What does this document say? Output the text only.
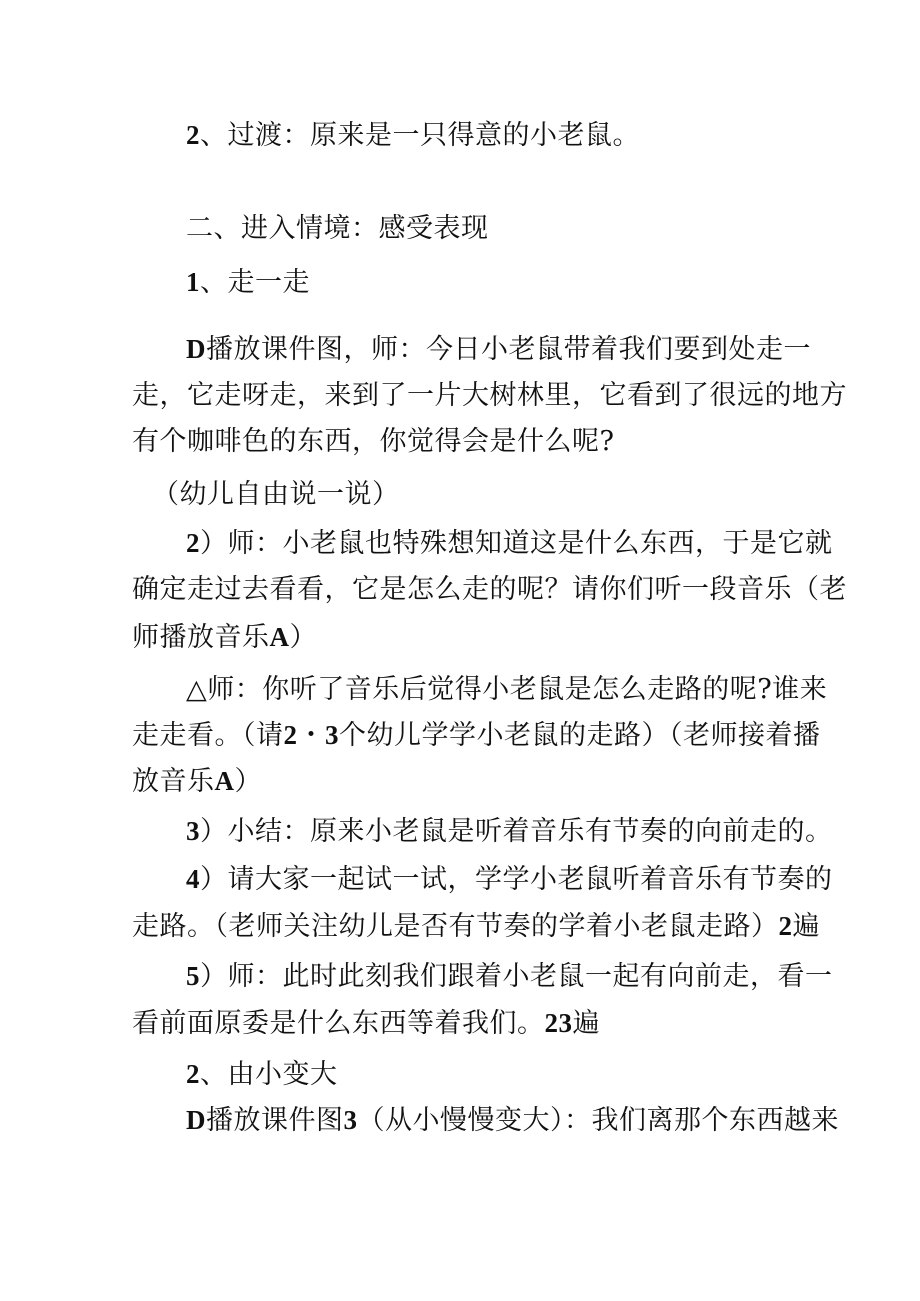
2、过渡：原来是一只得意的小老鼠。
二、进入情境：感受表现
1、走一走
D播放课件图，师：今日小老鼠带着我们要到处走一
走，它走呀走，来到了一片大树林里，它看到了很远的地方
有个咖啡色的东西，你觉得会是什么呢?
（幼儿自由说一说）
2）师：小老鼠也特殊想知道这是什么东西，于是它就
确定走过去看看，它是怎么走的呢？请你们听一段音乐（老
师播放音乐A）
△师：你听了音乐后觉得小老鼠是怎么走路的呢?谁来
走走看。（请2・3个幼儿学学小老鼠的走路）（老师接着播
放音乐A）
3）小结：原来小老鼠是听着音乐有节奏的向前走的。
4）请大家一起试一试，学学小老鼠听着音乐有节奏的
走路。（老师关注幼儿是否有节奏的学着小老鼠走路）2遍
5）师：此时此刻我们跟着小老鼠一起有向前走，看一
看前面原委是什么东西等着我们。23遍
2、由小变大
D播放课件图3（从小慢慢变大）：我们离那个东西越来
